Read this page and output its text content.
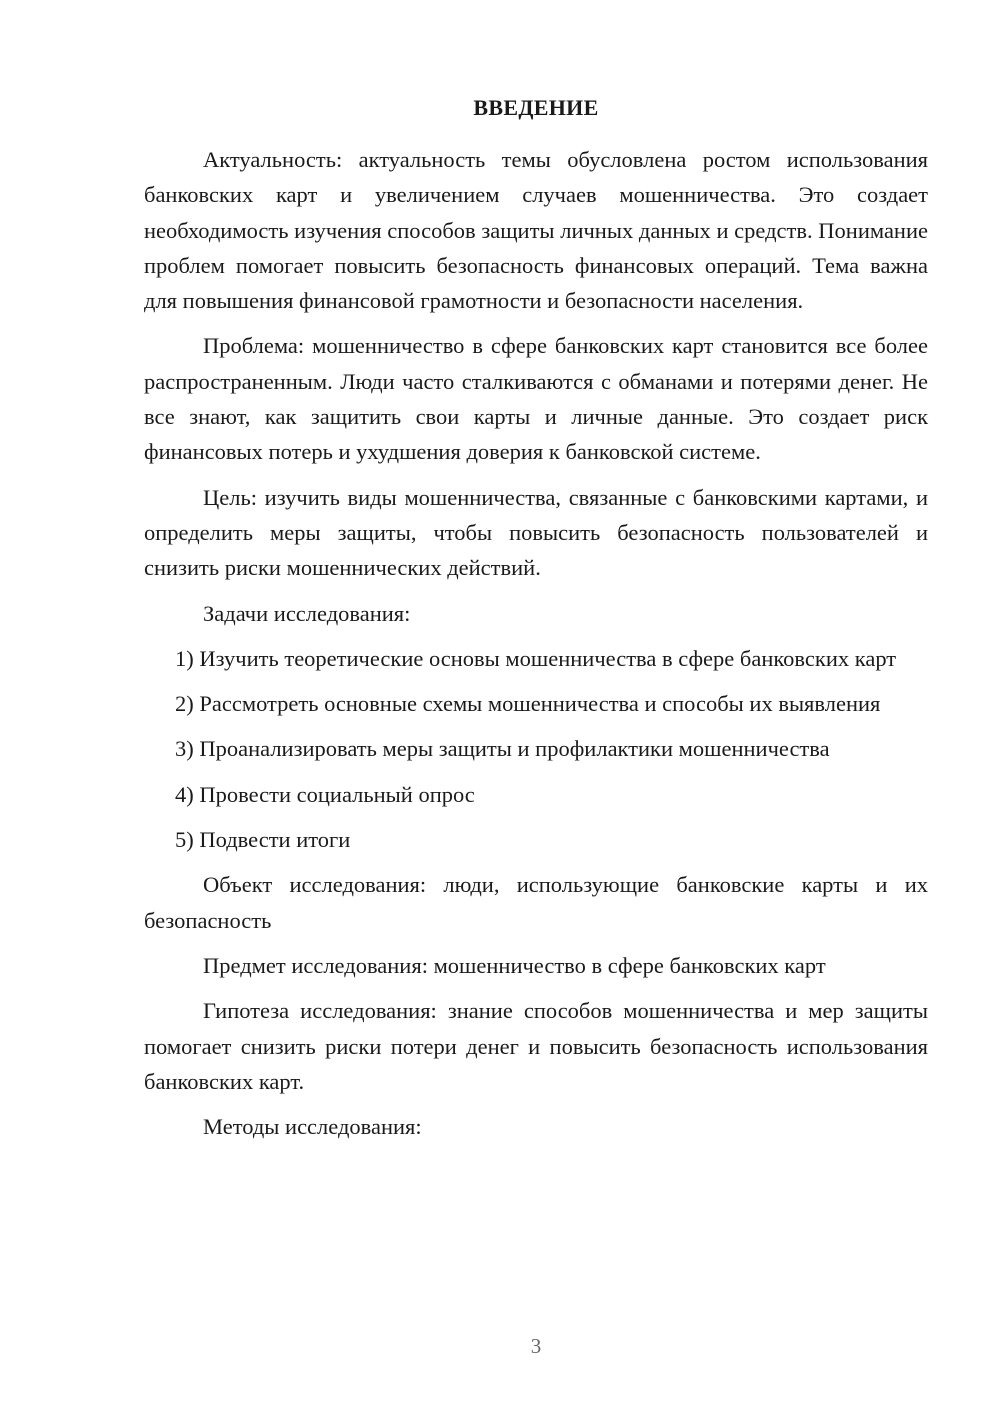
ВВЕДЕНИЕ

Актуальность: актуальность темы обусловлена ростом использования банковских карт и увеличением случаев мошенничества. Это создает необходимость изучения способов защиты личных данных и средств. Понимание проблем помогает повысить безопасность финансовых операций. Тема важна для повышения финансовой грамотности и безопасности населения.

Проблема: мошенничество в сфере банковских карт становится все более распространенным. Люди часто сталкиваются с обманами и потерями денег. Не все знают, как защитить свои карты и личные данные. Это создает риск финансовых потерь и ухудшения доверия к банковской системе.

Цель: изучить виды мошенничества, связанные с банковскими картами, и определить меры защиты, чтобы повысить безопасность пользователей и снизить риски мошеннических действий.

Задачи исследования:

1) Изучить теоретические основы мошенничества в сфере банковских карт

2) Рассмотреть основные схемы мошенничества и способы их выявления

3) Проанализировать меры защиты и профилактики мошенничества

4) Провести социальный опрос

5) Подвести итоги

Объект исследования: люди, использующие банковские карты и их безопасность

Предмет исследования: мошенничество в сфере банковских карт

Гипотеза исследования: знание способов мошенничества и мер защиты помогает снизить риски потери денег и повысить безопасность использования банковских карт.

Методы исследования:

3
